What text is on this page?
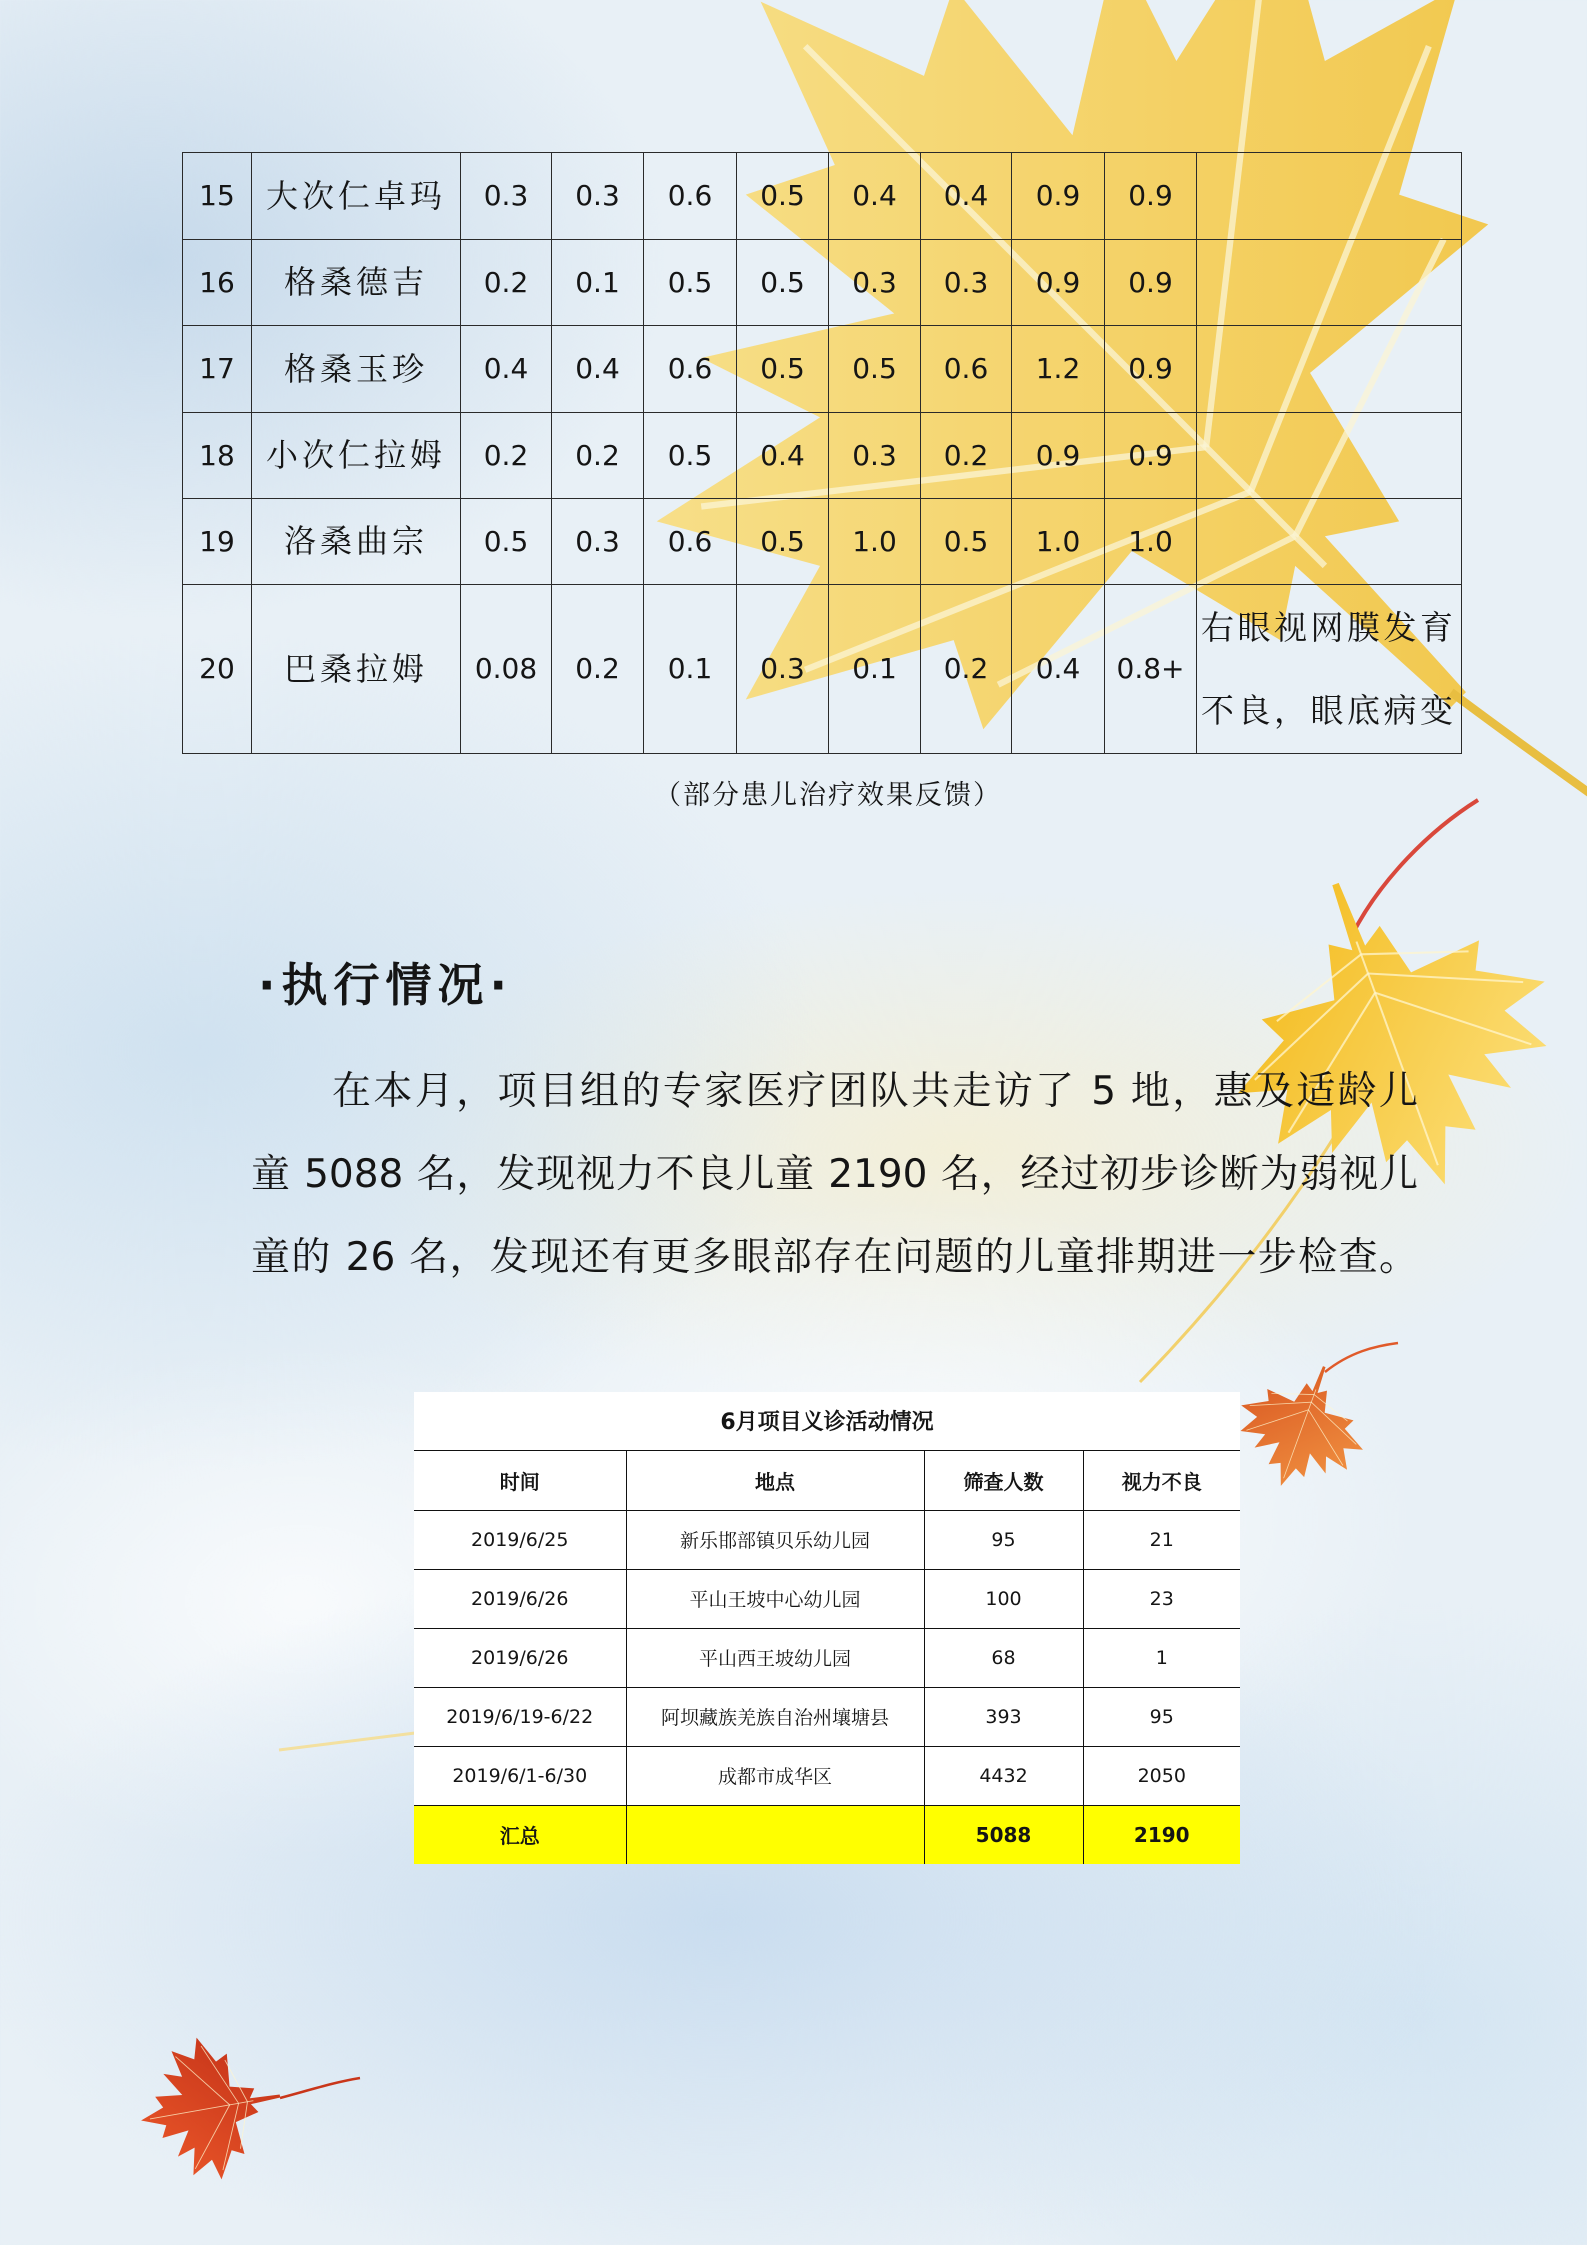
15	大次仁卓玛	0.3	0.3	0.6	0.5	0.4	0.4	0.9	0.9	
16	格桑德吉	0.2	0.1	0.5	0.5	0.3	0.3	0.9	0.9	
17	格桑玉珍	0.4	0.4	0.6	0.5	0.5	0.6	1.2	0.9	
18	小次仁拉姆	0.2	0.2	0.5	0.4	0.3	0.2	0.9	0.9	
19	洛桑曲宗	0.5	0.3	0.6	0.5	1.0	0.5	1.0	1.0	
20	巴桑拉姆	0.08	0.2	0.1	0.3	0.1	0.2	0.4	0.8+	右眼视网膜发育不良，眼底病变
（部分患儿治疗效果反馈）
·执行情况·
在本月，项目组的专家医疗团队共走访了 5 地，惠及适龄儿
童 5088 名，发现视力不良儿童 2190 名，经过初步诊断为弱视儿
童的 26 名，发现还有更多眼部存在问题的儿童排期进一步检查。
6月项目义诊活动情况			
时间	地点	筛查人数	视力不良
2019/6/25	新乐邯部镇贝乐幼儿园	95	21
2019/6/26	平山王坡中心幼儿园	100	23
2019/6/26	平山西王坡幼儿园	68	1
2019/6/19-6/22	阿坝藏族羌族自治州壤塘县	393	95
2019/6/1-6/30	成都市成华区	4432	2050
汇总		5088	2190
